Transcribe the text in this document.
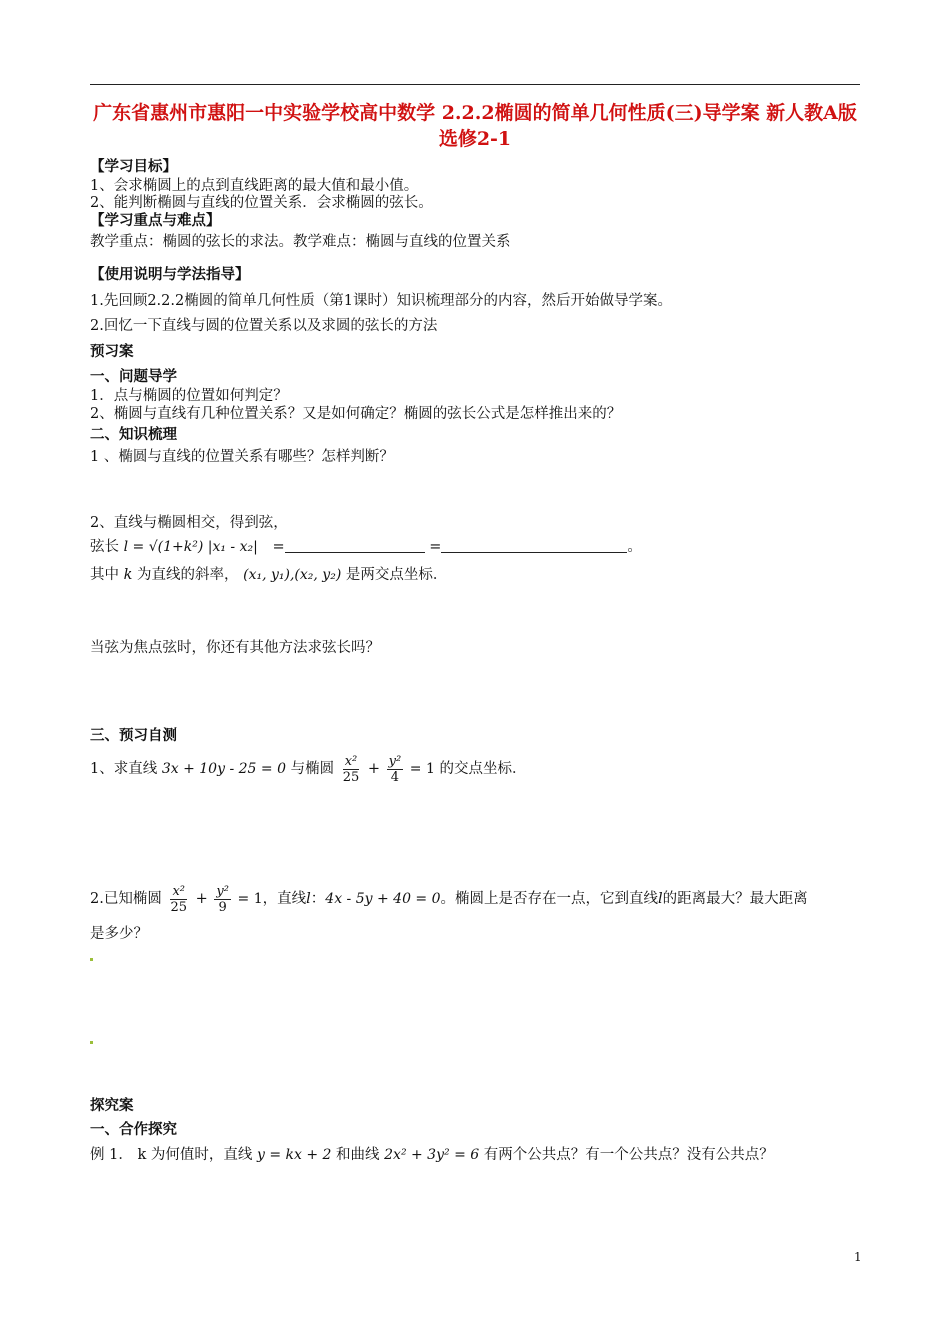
广东省惠州市惠阳一中实验学校高中数学 2.2.2椭圆的简单几何性质(三)导学案 新人教A版选修2-1
【学习目标】
1、会求椭圆上的点到直线距离的最大值和最小值。
2、能判断椭圆与直线的位置关系．会求椭圆的弦长。
【学习重点与难点】
教学重点：椭圆的弦长的求法。教学难点：椭圆与直线的位置关系
【使用说明与学法指导】
1.先回顾2.2.2椭圆的简单几何性质（第1课时）知识梳理部分的内容，然后开始做导学案。
2.回忆一下直线与圆的位置关系以及求圆的弦长的方法
预习案
一、问题导学
1．点与椭圆的位置如何判定？
2、椭圆与直线有几种位置关系？又是如何确定？椭圆的弦长公式是怎样推出来的？
二、知识梳理
1 、椭圆与直线的位置关系有哪些？怎样判断？
2、直线与椭圆相交，得到弦，
弦长 l = √(1+k²) |x₁ - x₂| =	=	。
其中 k 为直线的斜率， (x₁, y₁),(x₂, y₂) 是两交点坐标．
当弦为焦点弦时，你还有其他方法求弦长吗？
三、预习自测
1、求直线 3x + 10y - 25 = 0 与椭圆 $\frac{\text{x²}}{25} + \frac{\text{y²}}{4} = 1$ 的交点坐标．
2.已知椭圆 $\frac{\text{x²}}{25} + \frac{\text{y²}}{9} = 1$，直线l：4x - 5y + 40 = 0。椭圆上是否存在一点，它到直线l的距离最大？最大距离
是多少？
探究案
一、合作探究
例 1． k 为何值时，直线 y = kx + 2 和曲线 2x² + 3y² = 6 有两个公共点？有一个公共点？没有公共点？
1
